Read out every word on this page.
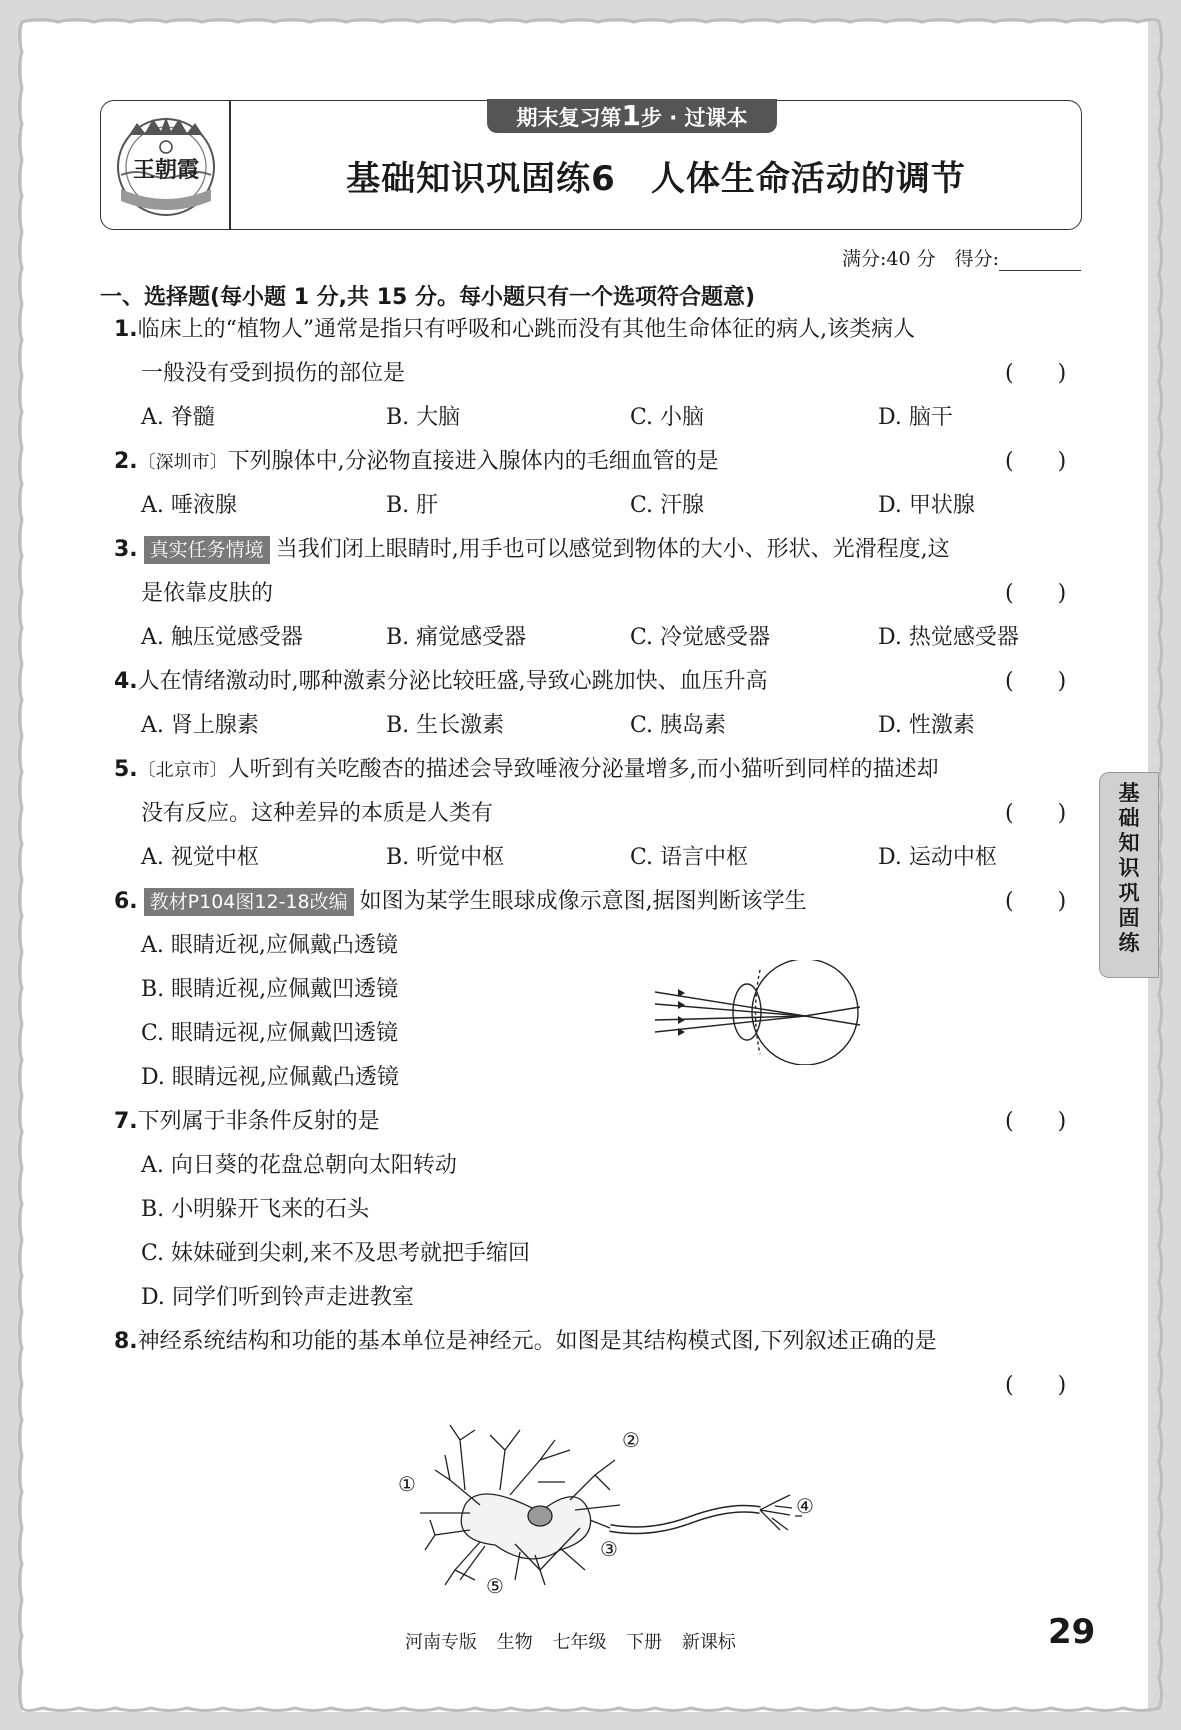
王朝霞
期末复习第1步 · 过课本
基础知识巩固练6　人体生命活动的调节
满分:40 分　得分:
一、选择题(每小题 1 分,共 15 分。每小题只有一个选项符合题意)
1.临床上的“植物人”通常是指只有呼吸和心跳而没有其他生命体征的病人,该类病人
一般没有受到损伤的部位是	(　　)
A. 脊髓	B. 大脑	C. 小脑	D. 脑干
2.〔深圳市〕下列腺体中,分泌物直接进入腺体内的毛细血管的是	(　　)
A. 唾液腺	B. 肝	C. 汗腺	D. 甲状腺
3. 真实任务情境 当我们闭上眼睛时,用手也可以感觉到物体的大小、形状、光滑程度,这
是依靠皮肤的	(　　)
A. 触压觉感受器	B. 痛觉感受器	C. 冷觉感受器	D. 热觉感受器
4.人在情绪激动时,哪种激素分泌比较旺盛,导致心跳加快、血压升高	(　　)
A. 肾上腺素	B. 生长激素	C. 胰岛素	D. 性激素
5.〔北京市〕人听到有关吃酸杏的描述会导致唾液分泌量增多,而小猫听到同样的描述却
没有反应。这种差异的本质是人类有	(　　)
A. 视觉中枢	B. 听觉中枢	C. 语言中枢	D. 运动中枢
6. 教材P104图12-18改编 如图为某学生眼球成像示意图,据图判断该学生	(　　)
A. 眼睛近视,应佩戴凸透镜
B. 眼睛近视,应佩戴凹透镜
C. 眼睛远视,应佩戴凹透镜
D. 眼睛远视,应佩戴凸透镜
7.下列属于非条件反射的是	(　　)
A. 向日葵的花盘总朝向太阳转动
B. 小明躲开飞来的石头
C. 妹妹碰到尖刺,来不及思考就把手缩回
D. 同学们听到铃声走进教室
8.神经系统结构和功能的基本单位是神经元。如图是其结构模式图,下列叙述正确的是
(　　)
①
②
③
④
⑤
基础知识巩固练
河南专版 生物 七年级 下册 新课标	29
